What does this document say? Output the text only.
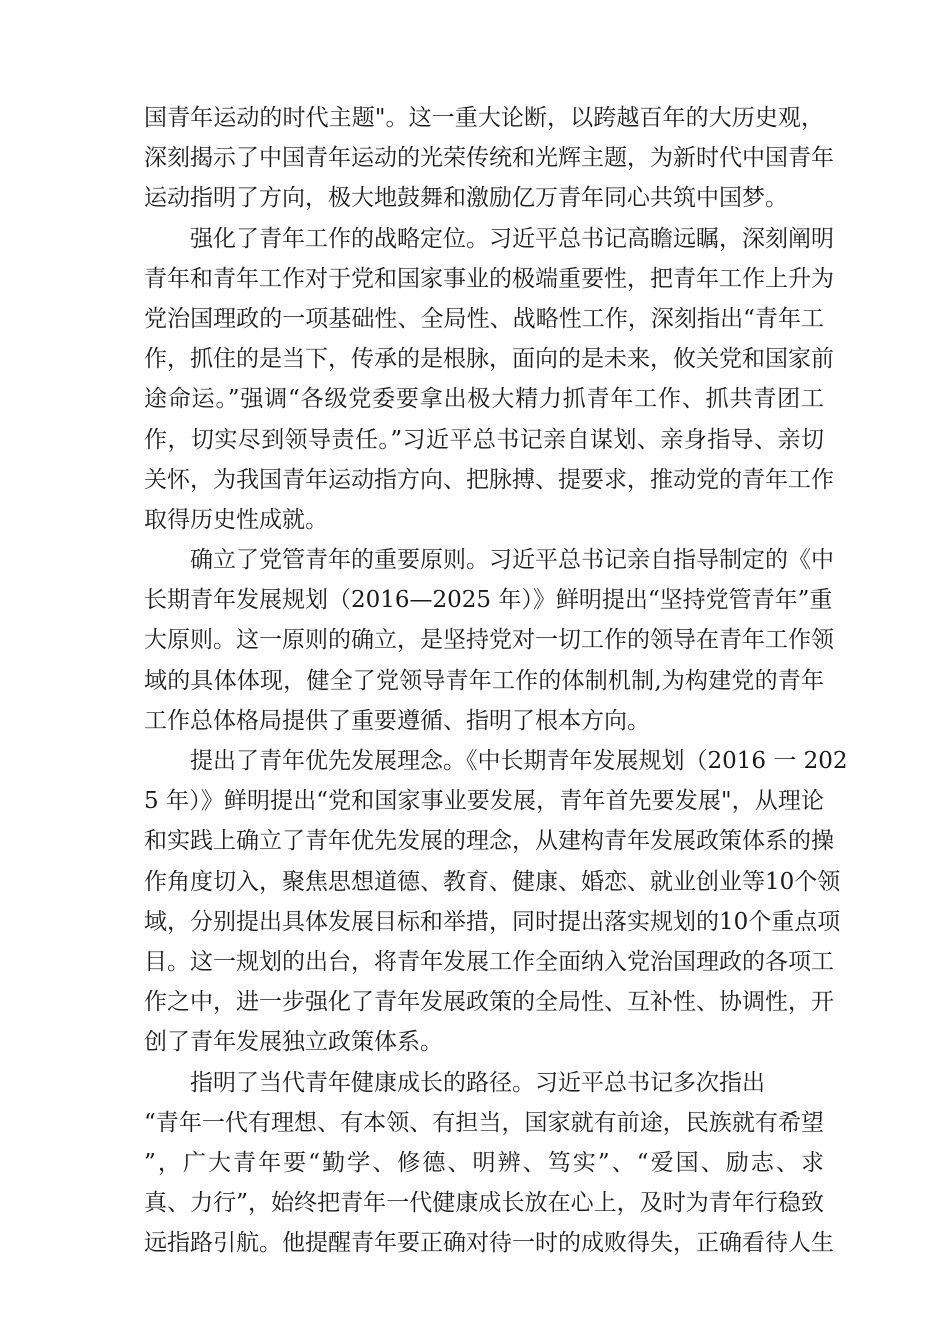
国青年运动的时代主题"。这一重大论断，以跨越百年的大历史观，
深刻揭示了中国青年运动的光荣传统和光辉主题，为新时代中国青年
运动指明了方向，极大地鼓舞和激励亿万青年同心共筑中国梦。
强化了青年工作的战略定位。习近平总书记高瞻远瞩，深刻阐明
青年和青年工作对于党和国家事业的极端重要性，把青年工作上升为
党治国理政的一项基础性、全局性、战略性工作，深刻指出“青年工
作，抓住的是当下，传承的是根脉，面向的是未来，攸关党和国家前
途命运。”强调“各级党委要拿出极大精力抓青年工作、抓共青团工
作，切实尽到领导责任。”习近平总书记亲自谋划、亲身指导、亲切
关怀，为我国青年运动指方向、把脉搏、提要求，推动党的青年工作
取得历史性成就。
确立了党管青年的重要原则。习近平总书记亲自指导制定的《中
长期青年发展规划（2016—2025 年）》鲜明提出“坚持党管青年”重
大原则。这一原则的确立，是坚持党对一切工作的领导在青年工作领
域的具体体现，健全了党领导青年工作的体制机制,为构建党的青年
工作总体格局提供了重要遵循、指明了根本方向。
提出了青年优先发展理念。《中长期青年发展规划（2016 一 202
5 年）》鲜明提出“党和国家事业要发展，青年首先要发展"，从理论
和实践上确立了青年优先发展的理念，从建构青年发展政策体系的操
作角度切入，聚焦思想道德、教育、健康、婚恋、就业创业等10个领
域，分别提出具体发展目标和举措，同时提出落实规划的10个重点项
目。这一规划的出台，将青年发展工作全面纳入党治国理政的各项工
作之中，进一步强化了青年发展政策的全局性、互补性、协调性，开
创了青年发展独立政策体系。
指明了当代青年健康成长的路径。习近平总书记多次指出
“青年一代有理想、有本领、有担当，国家就有前途，民族就有希望
”，广大青年要“勤学、修德、明辨、笃实”、“爱国、励志、求
真、力行”，始终把青年一代健康成长放在心上，及时为青年行稳致
远指路引航。他提醒青年要正确对待一时的成败得失，正确看待人生
